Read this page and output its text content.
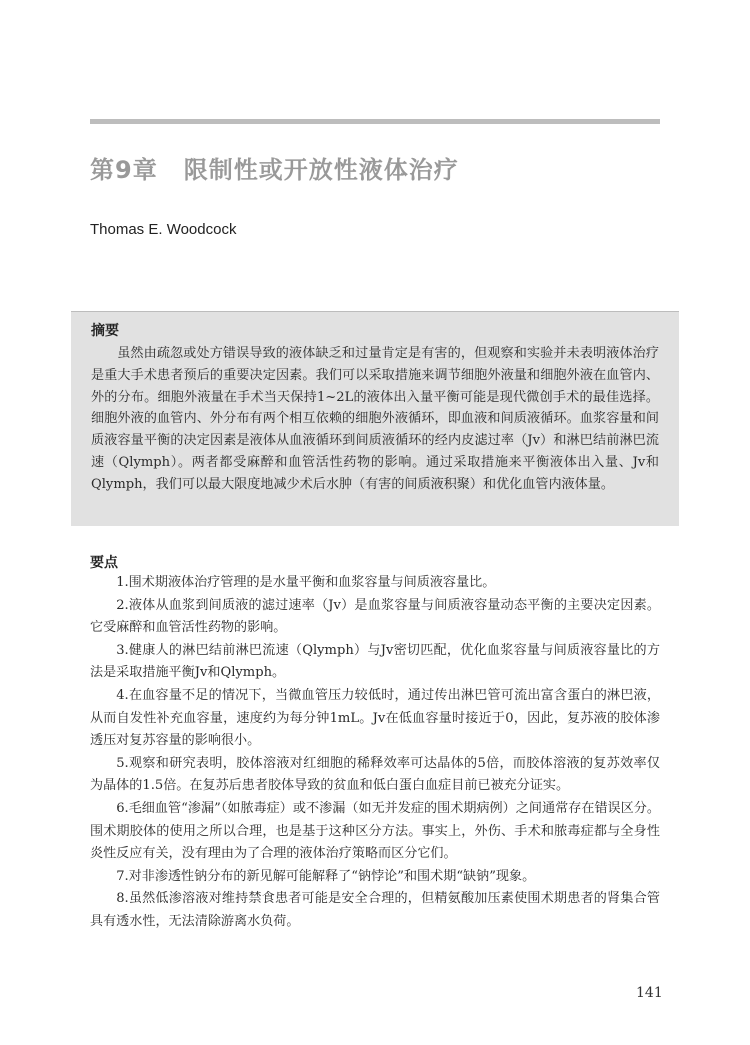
第9章 限制性或开放性液体治疗
Thomas E. Woodcock
摘要
虽然由疏忽或处方错误导致的液体缺乏和过量肯定是有害的，但观察和实验并未表明液体治疗是重大手术患者预后的重要决定因素。我们可以采取措施来调节细胞外液量和细胞外液在血管内、外的分布。细胞外液量在手术当天保持1~2L的液体出入量平衡可能是现代微创手术的最佳选择。细胞外液的血管内、外分布有两个相互依赖的细胞外液循环，即血液和间质液循环。血浆容量和间质液容量平衡的决定因素是液体从血液循环到间质液循环的经内皮滤过率（Jv）和淋巴结前淋巴流速（Qlymph）。两者都受麻醉和血管活性药物的影响。通过采取措施来平衡液体出入量、Jv和Qlymph，我们可以最大限度地减少术后水肿（有害的间质液积聚）和优化血管内液体量。
要点
1.围术期液体治疗管理的是水量平衡和血浆容量与间质液容量比。
2.液体从血浆到间质液的滤过速率（Jv）是血浆容量与间质液容量动态平衡的主要决定因素。它受麻醉和血管活性药物的影响。
3.健康人的淋巴结前淋巴流速（Qlymph）与Jv密切匹配，优化血浆容量与间质液容量比的方法是采取措施平衡Jv和Qlymph。
4.在血容量不足的情况下，当微血管压力较低时，通过传出淋巴管可流出富含蛋白的淋巴液，从而自发性补充血容量，速度约为每分钟1mL。Jv在低血容量时接近于0，因此，复苏液的胶体渗透压对复苏容量的影响很小。
5.观察和研究表明，胶体溶液对红细胞的稀释效率可达晶体的5倍，而胶体溶液的复苏效率仅为晶体的1.5倍。在复苏后患者胶体导致的贫血和低白蛋白血症目前已被充分证实。
6.毛细血管“渗漏”（如脓毒症）或不渗漏（如无并发症的围术期病例）之间通常存在错误区分。围术期胶体的使用之所以合理，也是基于这种区分方法。事实上，外伤、手术和脓毒症都与全身性炎性反应有关，没有理由为了合理的液体治疗策略而区分它们。
7.对非渗透性钠分布的新见解可能解释了“钠悖论”和围术期“缺钠”现象。
8.虽然低渗溶液对维持禁食患者可能是安全合理的，但精氨酸加压素使围术期患者的肾集合管具有透水性，无法清除游离水负荷。
141
